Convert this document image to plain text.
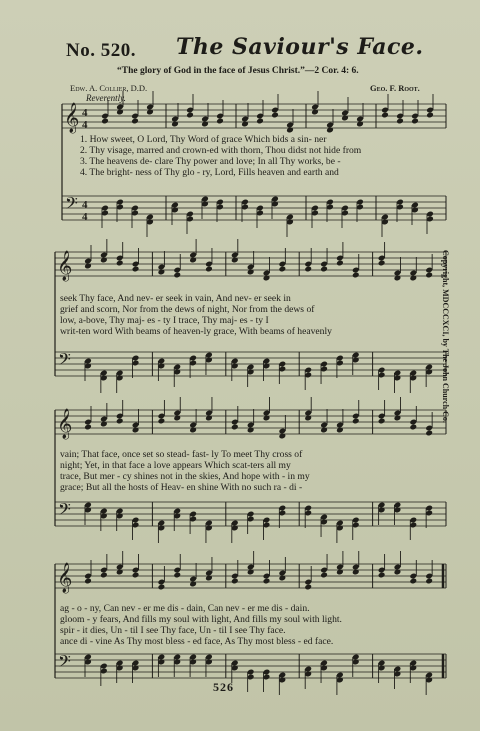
No. 520. The Saviour's Face.
“The glory of God in the face of Jesus Christ.”—2 Cor. 4: 6.
Edw. A. Collier, D.D.	Geo. F. Root.
Reverently.
𝄞
𝄢
4
4
4
4
𝄞
𝄢
𝄞
𝄢
𝄞
𝄢
1. How sweet, O Lord, Thy Word of grace Which bids a sin- ner
2. Thy visage, marred and crown-ed with thorn, Thou didst not hide from
3. The heavens de- clare Thy power and love; In all Thy works, be -
4. The bright- ness of Thy glo - ry, Lord, Fills heaven and earth and
seek Thy face, And nev- er seek in vain, And nev- er seek in
grief and scorn, Nor from the dews of night, Nor from the dews of
low, a-bove, Thy maj- es - ty I trace, Thy maj- es - ty I
writ-ten word With beams of heaven-ly grace, With beams of heavenly
vain; That face, once set so stead- fast- ly To meet Thy cross of
night; Yet, in that face a love appears Which scat-ters all my
trace, But mer - cy shines not in the skies, And hope with - in my
grace; But all the hosts of Heav- en shine With no such ra - di -
ag - o - ny, Can nev - er me dis - dain, Can nev - er me dis - dain.
gloom - y fears, And fills my soul with light, And fills my soul with light.
spir - it dies, Un - til I see Thy face, Un - til I see Thy face.
ance di - vine As Thy most bless - ed face, As Thy most bless - ed face.
Copyright, MDCCCXCI, by The John Church Co.
526
